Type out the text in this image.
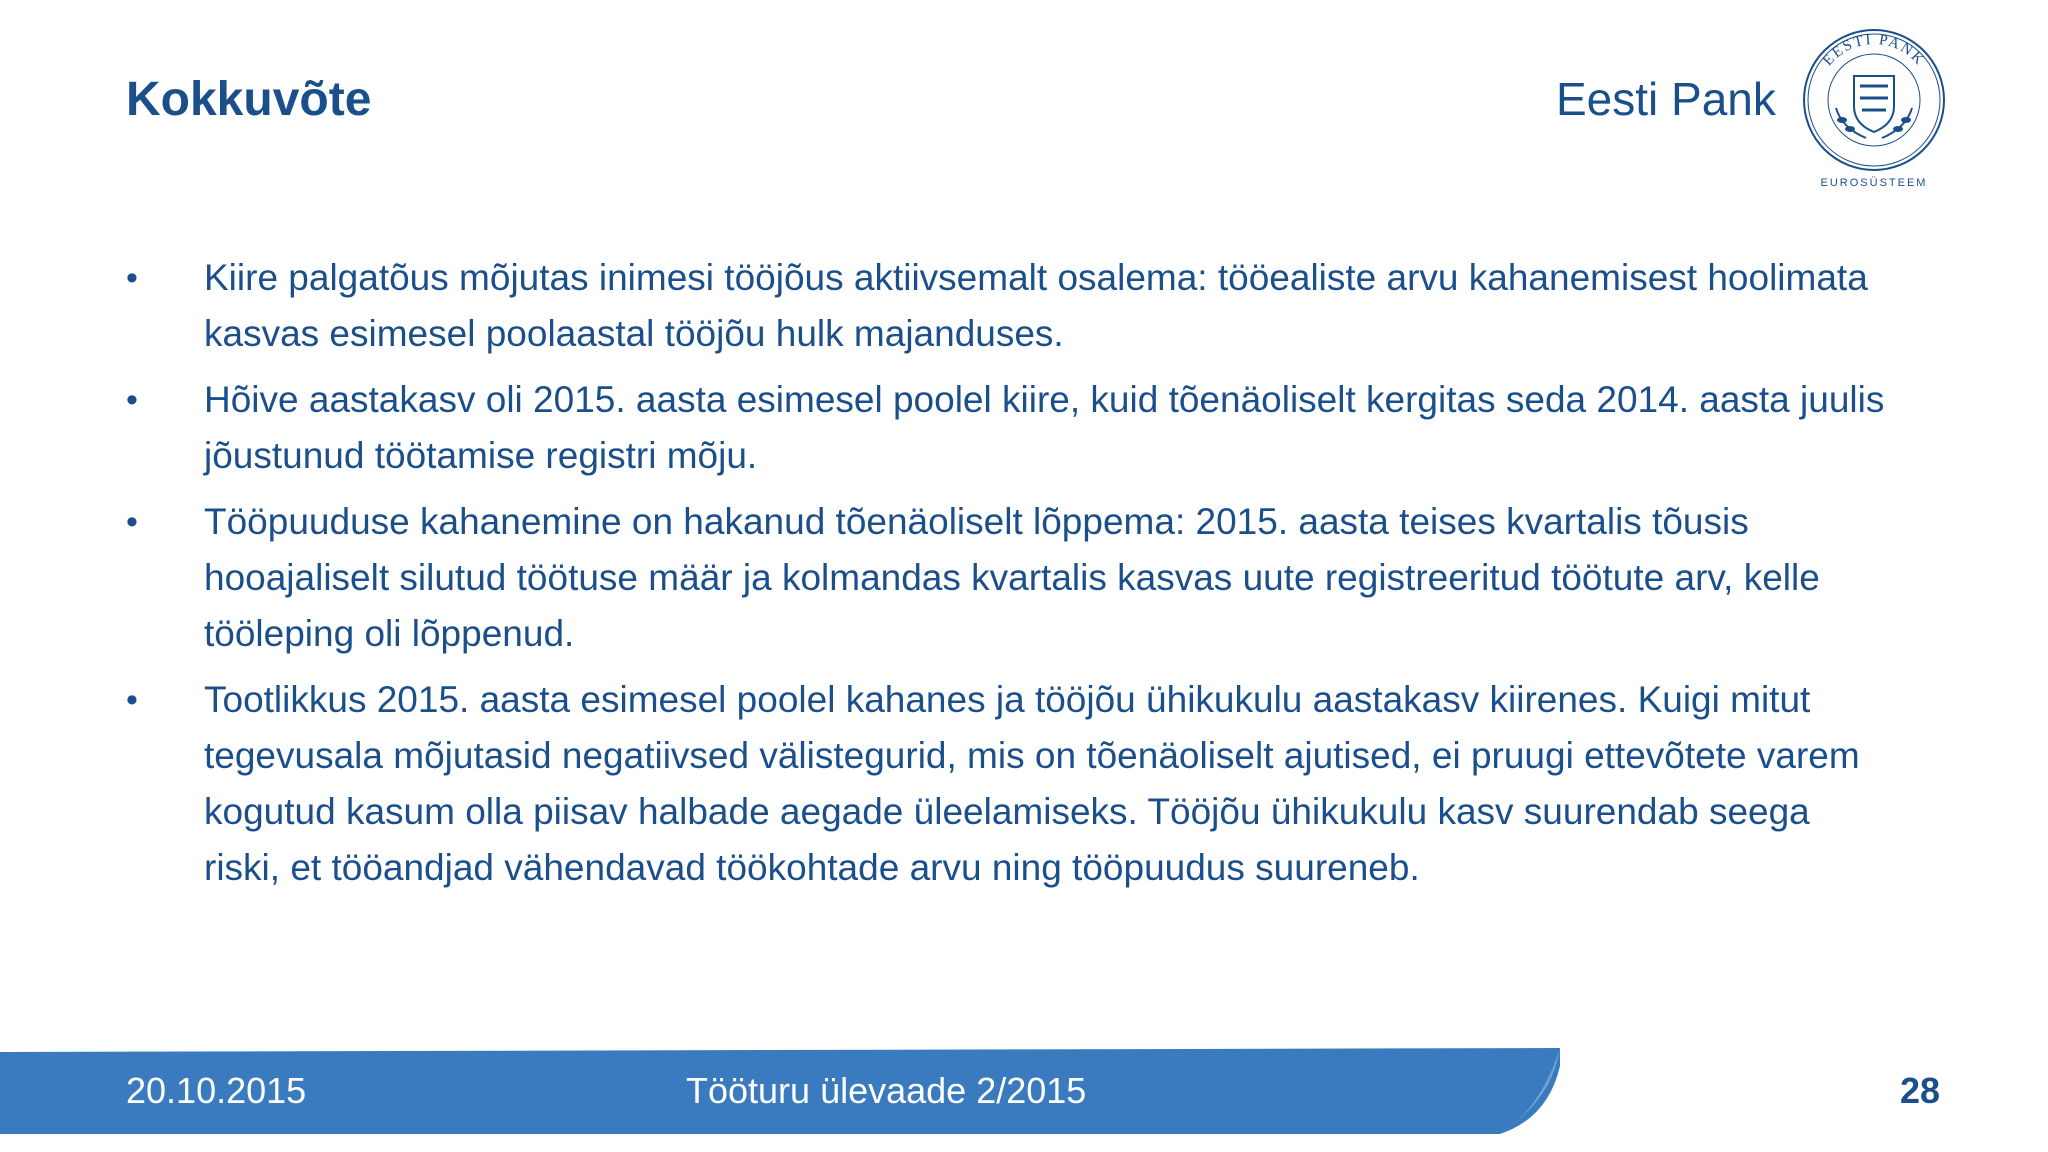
Kokkuvõte	Eesti Pank
EESTI PANK
EUROSÜSTEEM
•	Kiire palgatõus mõjutas inimesi tööjõus aktiivsemalt osalema: tööealiste arvu kahanemisest hoolimata kasvas esimesel poolaastal tööjõu hulk majanduses.
•	Hõive aastakasv oli 2015. aasta esimesel poolel kiire, kuid tõenäoliselt kergitas seda 2014. aasta juulis jõustunud töötamise registri mõju.
•	Tööpuuduse kahanemine on hakanud tõenäoliselt lõppema: 2015. aasta teises kvartalis tõusis hooajaliselt silutud töötuse määr ja kolmandas kvartalis kasvas uute registreeritud töötute arv, kelle tööleping oli lõppenud.
•	Tootlikkus 2015. aasta esimesel poolel kahanes ja tööjõu ühikukulu aastakasv kiirenes. Kuigi mitut tegevusala mõjutasid negatiivsed välistegurid, mis on tõenäoliselt ajutised, ei pruugi ettevõtete varem kogutud kasum olla piisav halbade aegade üleelamiseks. Tööjõu ühikukulu kasv suurendab seega riski, et tööandjad vähendavad töökohtade arvu ning tööpuudus suureneb.
20.10.2015	Tööturu ülevaade 2/2015	28
